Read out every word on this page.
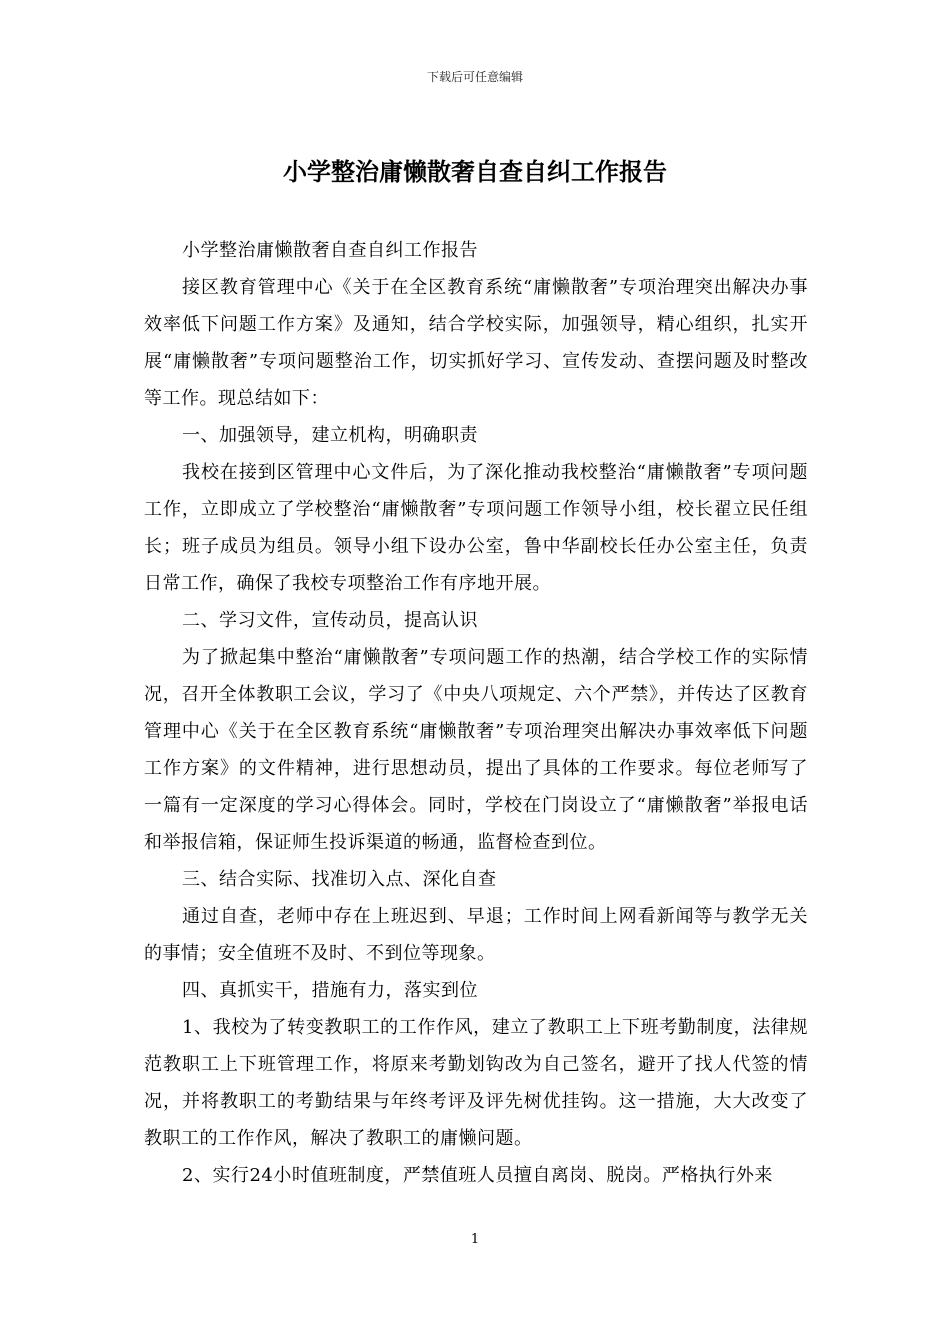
下载后可任意编辑
小学整治庸懒散奢自查自纠工作报告

小学整治庸懒散奢自查自纠工作报告

接区教育管理中心《关于在全区教育系统“庸懒散奢”专项治理突出解决办事效率低下问题工作方案》及通知，结合学校实际，加强领导，精心组织，扎实开展“庸懒散奢”专项问题整治工作，切实抓好学习、宣传发动、查摆问题及时整改等工作。现总结如下：

一、加强领导，建立机构，明确职责

我校在接到区管理中心文件后，为了深化推动我校整治“庸懒散奢”专项问题工作，立即成立了学校整治“庸懒散奢”专项问题工作领导小组，校长翟立民任组长；班子成员为组员。领导小组下设办公室，鲁中华副校长任办公室主任，负责日常工作，确保了我校专项整治工作有序地开展。

二、学习文件，宣传动员，提高认识

为了掀起集中整治“庸懒散奢”专项问题工作的热潮，结合学校工作的实际情况，召开全体教职工会议，学习了《中央八项规定、六个严禁》，并传达了区教育管理中心《关于在全区教育系统“庸懒散奢”专项治理突出解决办事效率低下问题工作方案》的文件精神，进行思想动员，提出了具体的工作要求。每位老师写了一篇有一定深度的学习心得体会。同时，学校在门岗设立了“庸懒散奢”举报电话和举报信箱，保证师生投诉渠道的畅通，监督检查到位。

三、结合实际、找准切入点、深化自查

通过自查，老师中存在上班迟到、早退；工作时间上网看新闻等与教学无关的事情；安全值班不及时、不到位等现象。

四、真抓实干，措施有力，落实到位

1、我校为了转变教职工的工作作风，建立了教职工上下班考勤制度，法律规范教职工上下班管理工作，将原来考勤划钩改为自己签名，避开了找人代签的情况，并将教职工的考勤结果与年终考评及评先树优挂钩。这一措施，大大改变了教职工的工作作风，解决了教职工的庸懒问题。

2、实行24小时值班制度，严禁值班人员擅自离岗、脱岗。严格执行外来

1
